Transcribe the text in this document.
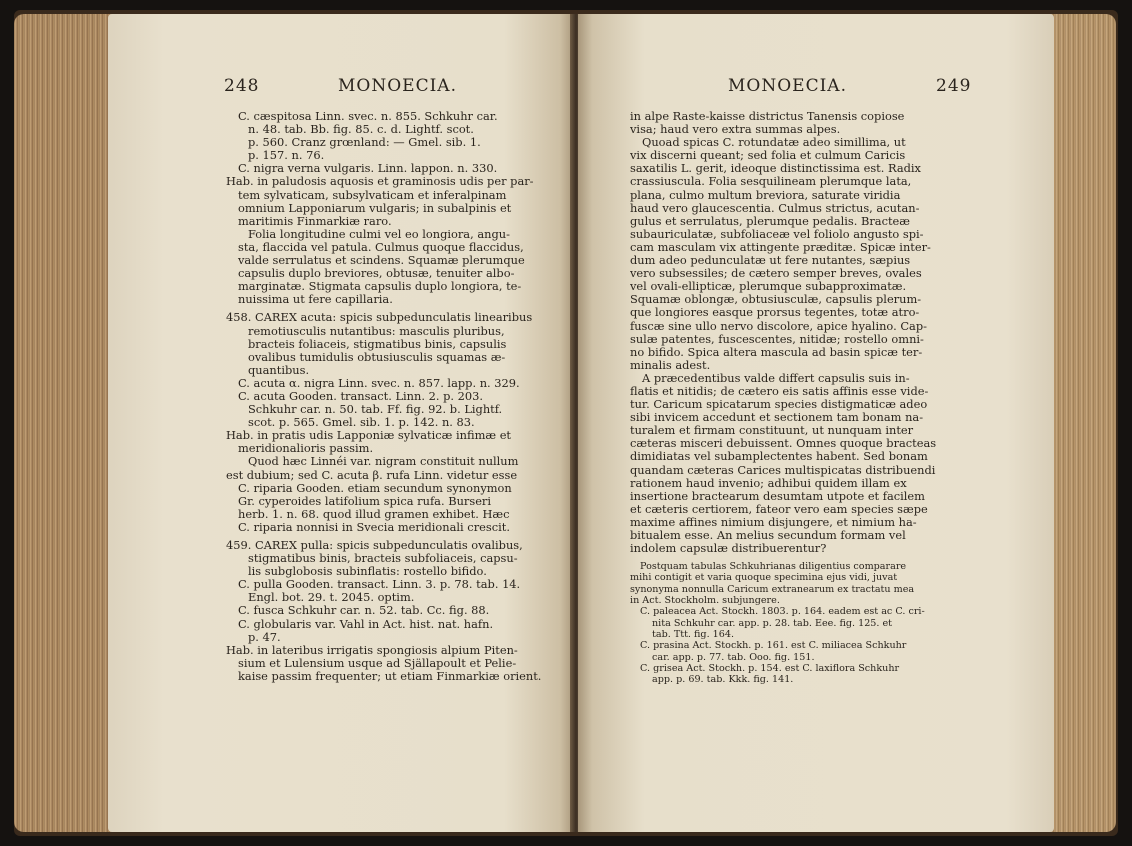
248	MONOECIA.
C. cæspitosa Linn. svec. n. 855. Schkuhr car.
n. 48. tab. Bb. fig. 85. c. d. Lightf. scot.
p. 560. Cranz grœnland: — Gmel. sib. 1.
p. 157. n. 76.
C. nigra verna vulgaris. Linn. lappon. n. 330.
Hab. in paludosis aquosis et graminosis udis per par-
tem sylvaticam, subsylvaticam et inferalpinam
omnium Lapponiarum vulgaris; in subalpinis et
maritimis Finmarkiæ raro.
Folia longitudine culmi vel eo longiora, angu-
sta, flaccida vel patula. Culmus quoque flaccidus,
valde serrulatus et scindens. Squamæ plerumque
capsulis duplo breviores, obtusæ, tenuiter albo-
marginatæ. Stigmata capsulis duplo longiora, te-
nuissima ut fere capillaria.
458. CAREX acuta: spicis subpedunculatis linearibus
remotiusculis nutantibus: masculis pluribus,
bracteis foliaceis, stigmatibus binis, capsulis
ovalibus tumidulis obtusiusculis squamas æ-
quantibus.
C. acuta α. nigra Linn. svec. n. 857. lapp. n. 329.
C. acuta Gooden. transact. Linn. 2. p. 203.
Schkuhr car. n. 50. tab. Ff. fig. 92. b. Lightf.
scot. p. 565. Gmel. sib. 1. p. 142. n. 83.
Hab. in pratis udis Lapponiæ sylvaticæ infimæ et
meridionalioris passim.
Quod hæc Linnéi var. nigram constituit nullum
est dubium; sed C. acuta β. rufa Linn. videtur esse
C. riparia Gooden. etiam secundum synonymon
Gr. cyperoides latifolium spica rufa. Burseri
herb. 1. n. 68. quod illud gramen exhibet. Hæc
C. riparia nonnisi in Svecia meridionali crescit.
459. CAREX pulla: spicis subpedunculatis ovalibus,
stigmatibus binis, bracteis subfoliaceis, capsu-
lis subglobosis subinflatis: rostello bifido.
C. pulla Gooden. transact. Linn. 3. p. 78. tab. 14.
Engl. bot. 29. t. 2045. optim.
C. fusca Schkuhr car. n. 52. tab. Cc. fig. 88.
C. globularis var. Vahl in Act. hist. nat. hafn.
p. 47.
Hab. in lateribus irrigatis spongiosis alpium Piten-
sium et Lulensium usque ad Själlapoult et Pelie-
kaise passim frequenter; ut etiam Finmarkiæ orient.
MONOECIA.	249
in alpe Raste-kaisse districtus Tanensis copiose
visa; haud vero extra summas alpes.
Quoad spicas C. rotundatæ adeo simillima, ut
vix discerni queant; sed folia et culmum Caricis
saxatilis L. gerit, ideoque distinctissima est. Radix
crassiuscula. Folia sesquilineam plerumque lata,
plana, culmo multum breviora, saturate viridia
haud vero glaucescentia. Culmus strictus, acutan-
gulus et serrulatus, plerumque pedalis. Bracteæ
subauriculatæ, subfoliaceæ vel foliolo angusto spi-
cam masculam vix attingente præditæ. Spicæ inter-
dum adeo pedunculatæ ut fere nutantes, sæpius
vero subsessiles; de cætero semper breves, ovales
vel ovali-ellipticæ, plerumque subapproximatæ.
Squamæ oblongæ, obtusiusculæ, capsulis plerum-
que longiores easque prorsus tegentes, totæ atro-
fuscæ sine ullo nervo discolore, apice hyalino. Cap-
sulæ patentes, fuscescentes, nitidæ; rostello omni-
no bifido. Spica altera mascula ad basin spicæ ter-
minalis adest.
A præcedentibus valde differt capsulis suis in-
flatis et nitidis; de cætero eis satis affinis esse vide-
tur. Caricum spicatarum species distigmaticæ adeo
sibi invicem accedunt et sectionem tam bonam na-
turalem et firmam constituunt, ut nunquam inter
cæteras misceri debuissent. Omnes quoque bracteas
dimidiatas vel subamplectentes habent. Sed bonam
quandam cæteras Carices multispicatas distribuendi
rationem haud invenio; adhibui quidem illam ex
insertione bractearum desumtam utpote et facilem
et cæteris certiorem, fateor vero eam species sæpe
maxime affines nimium disjungere, et nimium ha-
bitualem esse. An melius secundum formam vel
indolem capsulæ distribuerentur?
Postquam tabulas Schkuhrianas diligentius comparare
mihi contigit et varia quoque specimina ejus vidi, juvat
synonyma nonnulla Caricum extranearum ex tractatu mea
in Act. Stockholm. subjungere.
C. paleacea Act. Stockh. 1803. p. 164. eadem est ac C. cri-
nita Schkuhr car. app. p. 28. tab. Eee. fig. 125. et
tab. Ttt. fig. 164.
C. prasina Act. Stockh. p. 161. est C. miliacea Schkuhr
car. app. p. 77. tab. Ooo. fig. 151.
C. grisea Act. Stockh. p. 154. est C. laxiflora Schkuhr
app. p. 69. tab. Kkk. fig. 141.
